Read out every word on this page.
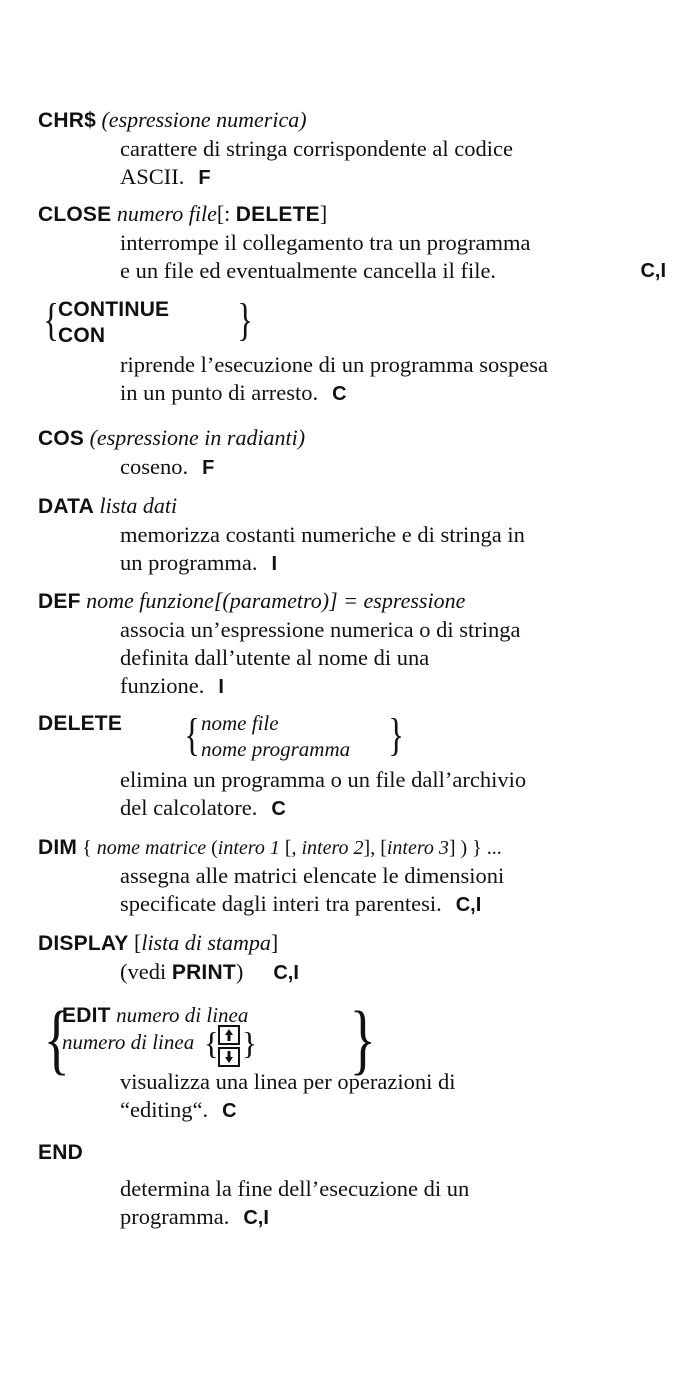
CHR$ (espressione numerica)
carattere di stringa corrispondente al codice
ASCII. F
CLOSE numero file[: DELETE]
interrompe il collegamento tra un programma
e un file ed eventualmente cancella il file.	C,I
{ CONTINUE
CON	}
riprende l’esecuzione di un programma sospesa
in un punto di arresto. C
COS (espressione in radianti)
coseno. F
DATA lista dati
memorizza costanti numeriche e di stringa in
un programma. I
DEF nome funzione[(parametro)] = espressione
associa un’espressione numerica o di stringa
definita dall’utente al nome di una
funzione. I
DELETE { nome file
nome programma }
elimina un programma o un file dall’archivio
del calcolatore. C
DIM { nome matrice (intero 1 [, intero 2], [intero 3] ) } ...
assegna alle matrici elencate le dimensioni
specificate dagli interi tra parentesi. C,I
DISPLAY [lista di stampa]
(vedi PRINT) C,I
{
EDIT numero di linea
numero di linea { } }
visualizza una linea per operazioni di
“editing“. C
END
determina la fine dell’esecuzione di un
programma. C,I
